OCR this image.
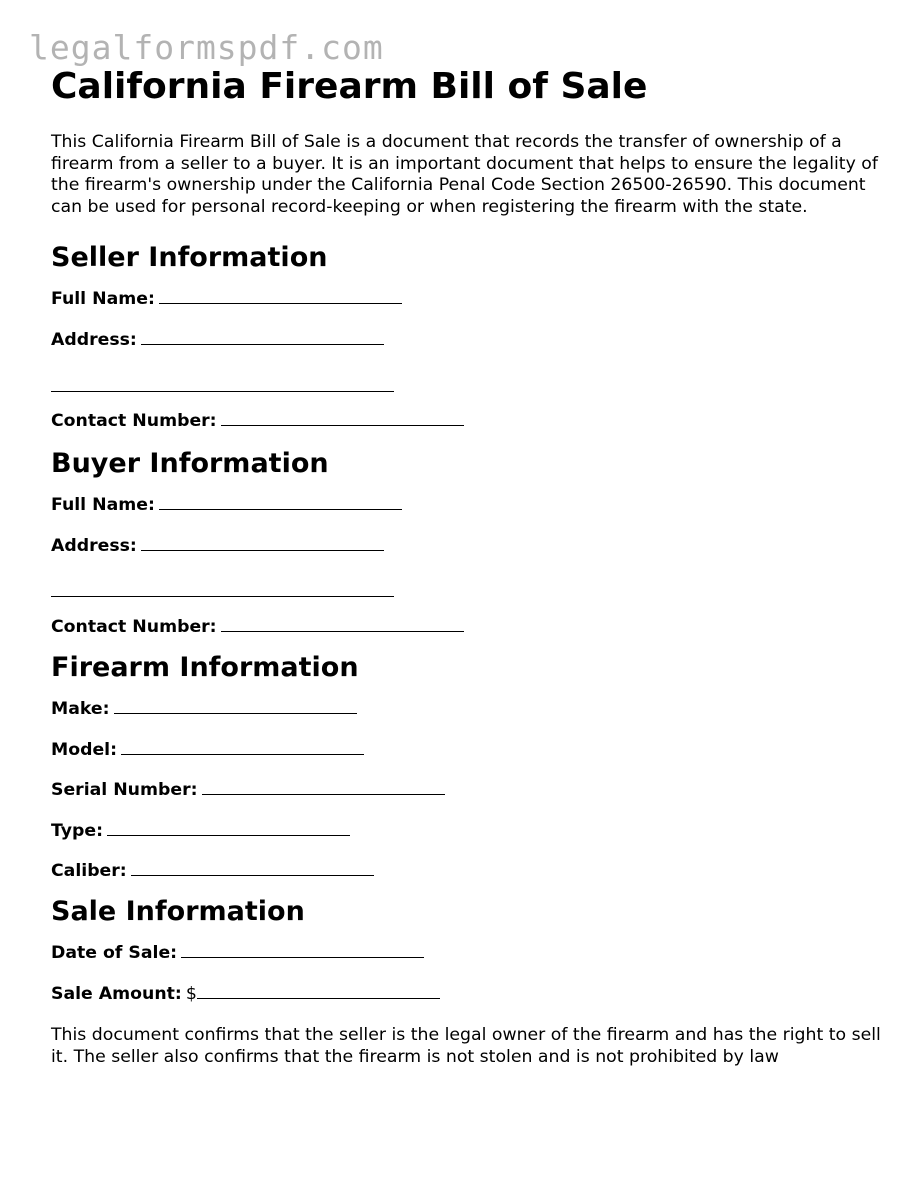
legalformspdf.com
California Firearm Bill of Sale

This California Firearm Bill of Sale is a document that records the transfer of ownership of a firearm from a seller to a buyer. It is an important document that helps to ensure the legality of the firearm's ownership under the California Penal Code Section 26500-26590. This document can be used for personal record-keeping or when registering the firearm with the state.

Seller Information
Full Name:
Address:
Contact Number:
Buyer Information
Full Name:
Address:
Contact Number:
Firearm Information
Make:
Model:
Serial Number:
Type:
Caliber:
Sale Information
Date of Sale:
Sale Amount: $

This document confirms that the seller is the legal owner of the firearm and has the right to sell it. The seller also confirms that the firearm is not stolen and is not prohibited by law
